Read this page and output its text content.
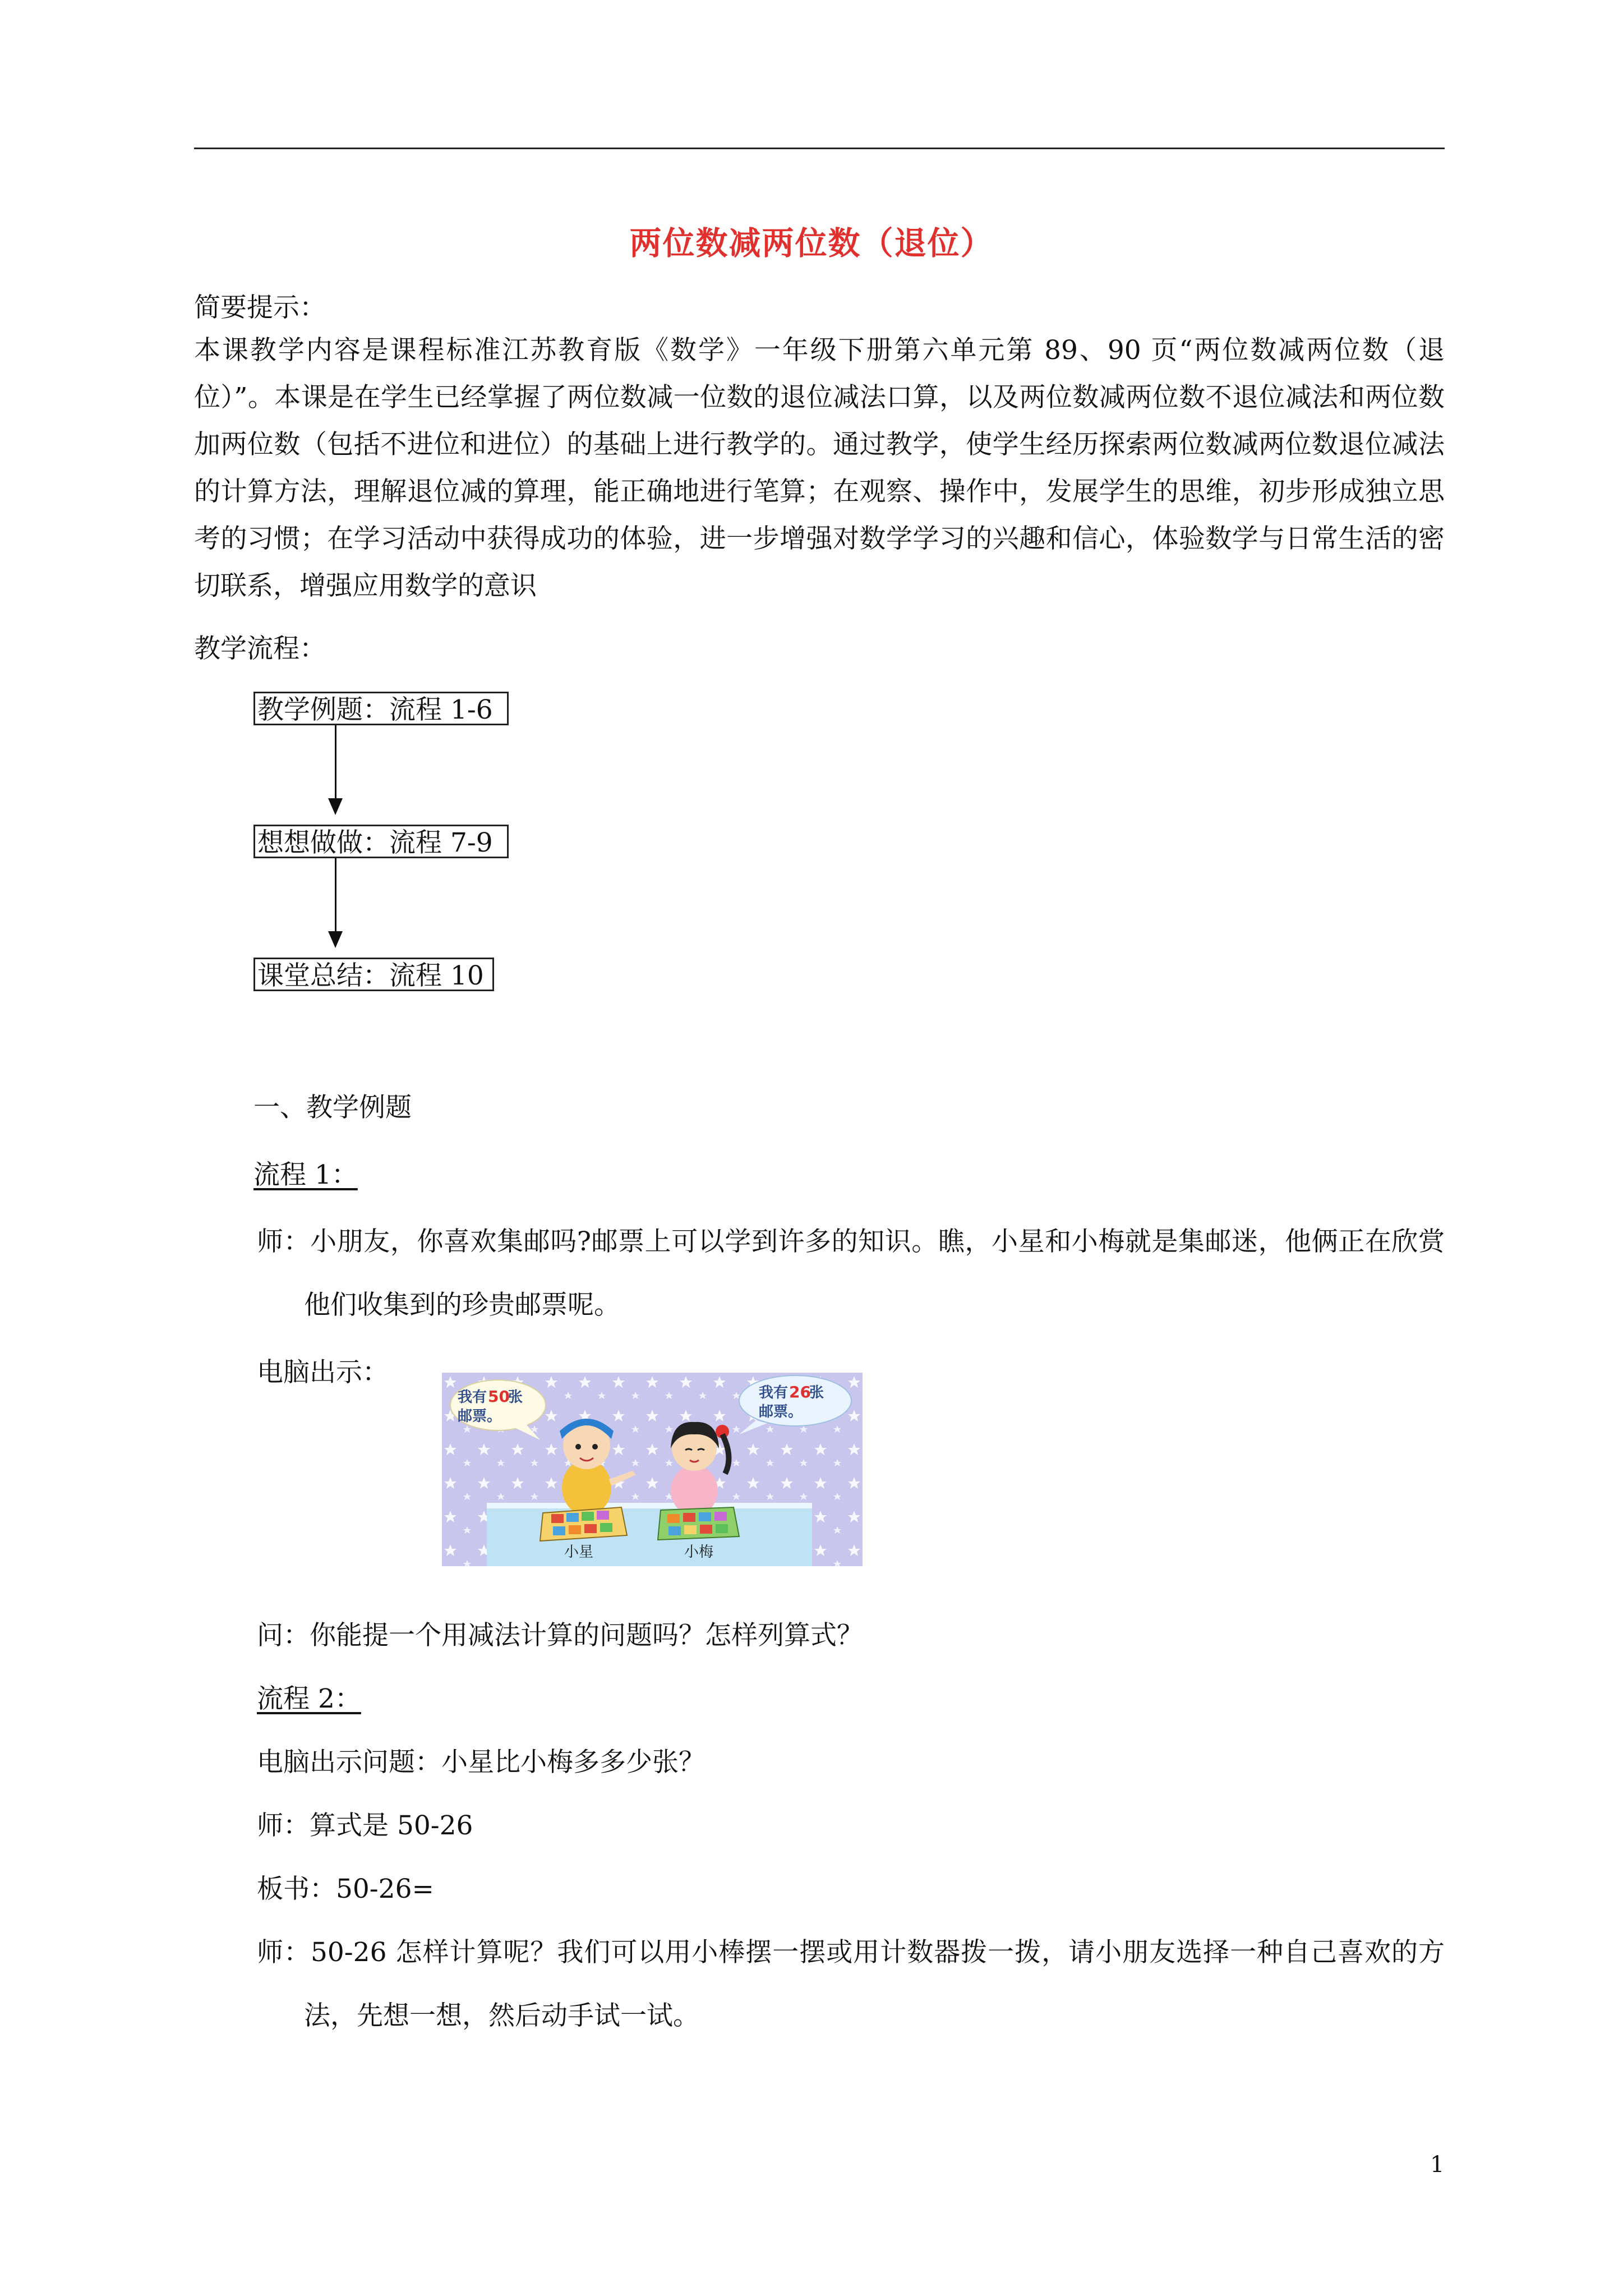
两位数减两位数（退位）
简要提示：
本课教学内容是课程标准江苏教育版《数学》一年级下册第六单元第 89、90 页“两位数减两位数（退位）”。本课是在学生已经掌握了两位数减一位数的退位减法口算，以及两位数减两位数不退位减法和两位数加两位数（包括不进位和进位）的基础上进行教学的。通过教学，使学生经历探索两位数减两位数退位减法的计算方法，理解退位减的算理，能正确地进行笔算；在观察、操作中，发展学生的思维，初步形成独立思考的习惯；在学习活动中获得成功的体验，进一步增强对数学学习的兴趣和信心，体验数学与日常生活的密切联系，增强应用数学的意识
教学流程：
教学例题：流程 1-6
想想做做：流程 7-9
课堂总结：流程 10
一、教学例题
流程 1：
师：小朋友，你喜欢集邮吗?邮票上可以学到许多的知识。瞧，小星和小梅就是集邮迷，他俩正在欣赏他们收集到的珍贵邮票呢。
电脑出示：
我有 50
张
邮票。
我有 26
张
邮票。
小星	小梅
问：你能提一个用减法计算的问题吗？怎样列算式？
流程 2：
电脑出示问题：小星比小梅多多少张？
师：算式是 50-26
板书：50-26=
师：50-26 怎样计算呢？我们可以用小棒摆一摆或用计数器拨一拨，请小朋友选择一种自己喜欢的方法，先想一想，然后动手试一试。
1
